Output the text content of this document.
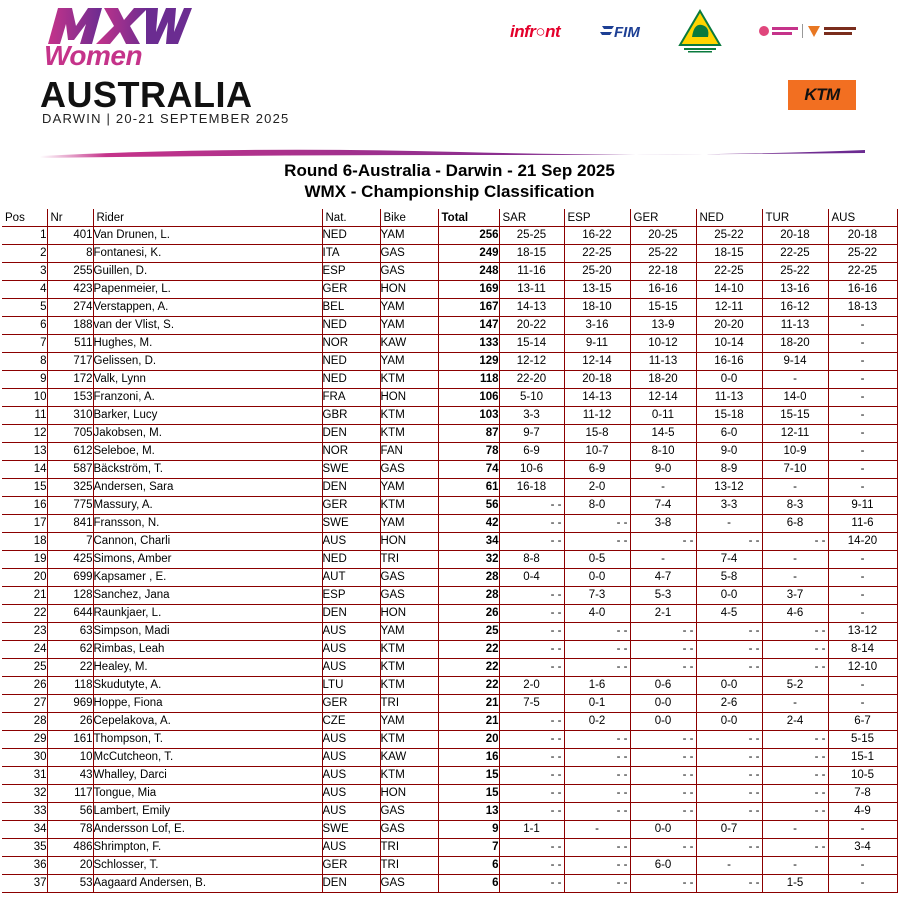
Women
AUSTRALIA
DARWIN | 20-21 SEPTEMBER 2025
infr○nt	FIM
KTM
Round 6-Australia - Darwin - 21 Sep 2025
WMX - Championship Classification
Pos	Nr	Rider	Nat.	Bike	Total	SAR	ESP	GER	NED	TUR	AUS
1	401	Van Drunen, L.	NED	YAM	256	25-25	16-22	20-25	25-22	20-18	20-18
2	8	Fontanesi, K.	ITA	GAS	249	18-15	22-25	25-22	18-15	22-25	25-22
3	255	Guillen, D.	ESP	GAS	248	11-16	25-20	22-18	22-25	25-22	22-25
4	423	Papenmeier, L.	GER	HON	169	13-11	13-15	16-16	14-10	13-16	16-16
5	274	Verstappen, A.	BEL	YAM	167	14-13	18-10	15-15	12-11	16-12	18-13
6	188	van der Vlist, S.	NED	YAM	147	20-22	3-16	13-9	20-20	11-13	-
7	511	Hughes, M.	NOR	KAW	133	15-14	9-11	10-12	10-14	18-20	-
8	717	Gelissen, D.	NED	YAM	129	12-12	12-14	11-13	16-16	9-14	-
9	172	Valk, Lynn	NED	KTM	118	22-20	20-18	18-20	0-0	-	-
10	153	Franzoni, A.	FRA	HON	106	5-10	14-13	12-14	11-13	14-0	-
11	310	Barker, Lucy	GBR	KTM	103	3-3	11-12	0-11	15-18	15-15	-
12	705	Jakobsen, M.	DEN	KTM	87	9-7	15-8	14-5	6-0	12-11	-
13	612	Seleboe, M.	NOR	FAN	78	6-9	10-7	8-10	9-0	10-9	-
14	587	Bäckström, T.	SWE	GAS	74	10-6	6-9	9-0	8-9	7-10	-
15	325	Andersen, Sara	DEN	YAM	61	16-18	2-0	-	13-12	-	-
16	775	Massury, A.	GER	KTM	56	- -	8-0	7-4	3-3	8-3	9-11
17	841	Fransson, N.	SWE	YAM	42	- -	- -	3-8	-	6-8	11-6
18	7	Cannon, Charli	AUS	HON	34	- -	- -	- -	- -	- -	14-20
19	425	Simons, Amber	NED	TRI	32	8-8	0-5	-	7-4	-	-
20	699	Kapsamer , E.	AUT	GAS	28	0-4	0-0	4-7	5-8	-	-
21	128	Sanchez, Jana	ESP	GAS	28	- -	7-3	5-3	0-0	3-7	-
22	644	Raunkjaer, L.	DEN	HON	26	- -	4-0	2-1	4-5	4-6	-
23	63	Simpson, Madi	AUS	YAM	25	- -	- -	- -	- -	- -	13-12
24	62	Rimbas, Leah	AUS	KTM	22	- -	- -	- -	- -	- -	8-14
25	22	Healey, M.	AUS	KTM	22	- -	- -	- -	- -	- -	12-10
26	118	Skudutyte, A.	LTU	KTM	22	2-0	1-6	0-6	0-0	5-2	-
27	969	Hoppe, Fiona	GER	TRI	21	7-5	0-1	0-0	2-6	-	-
28	26	Cepelakova, A.	CZE	YAM	21	- -	0-2	0-0	0-0	2-4	6-7
29	161	Thompson, T.	AUS	KTM	20	- -	- -	- -	- -	- -	5-15
30	10	McCutcheon, T.	AUS	KAW	16	- -	- -	- -	- -	- -	15-1
31	43	Whalley, Darci	AUS	KTM	15	- -	- -	- -	- -	- -	10-5
32	117	Tongue, Mia	AUS	HON	15	- -	- -	- -	- -	- -	7-8
33	56	Lambert, Emily	AUS	GAS	13	- -	- -	- -	- -	- -	4-9
34	78	Andersson Lof, E.	SWE	GAS	9	1-1	-	0-0	0-7	-	-
35	486	Shrimpton, F.	AUS	TRI	7	- -	- -	- -	- -	- -	3-4
36	20	Schlosser, T.	GER	TRI	6	- -	- -	6-0	-	-	-
37	53	Aagaard Andersen, B.	DEN	GAS	6	- -	- -	- -	- -	1-5	-
